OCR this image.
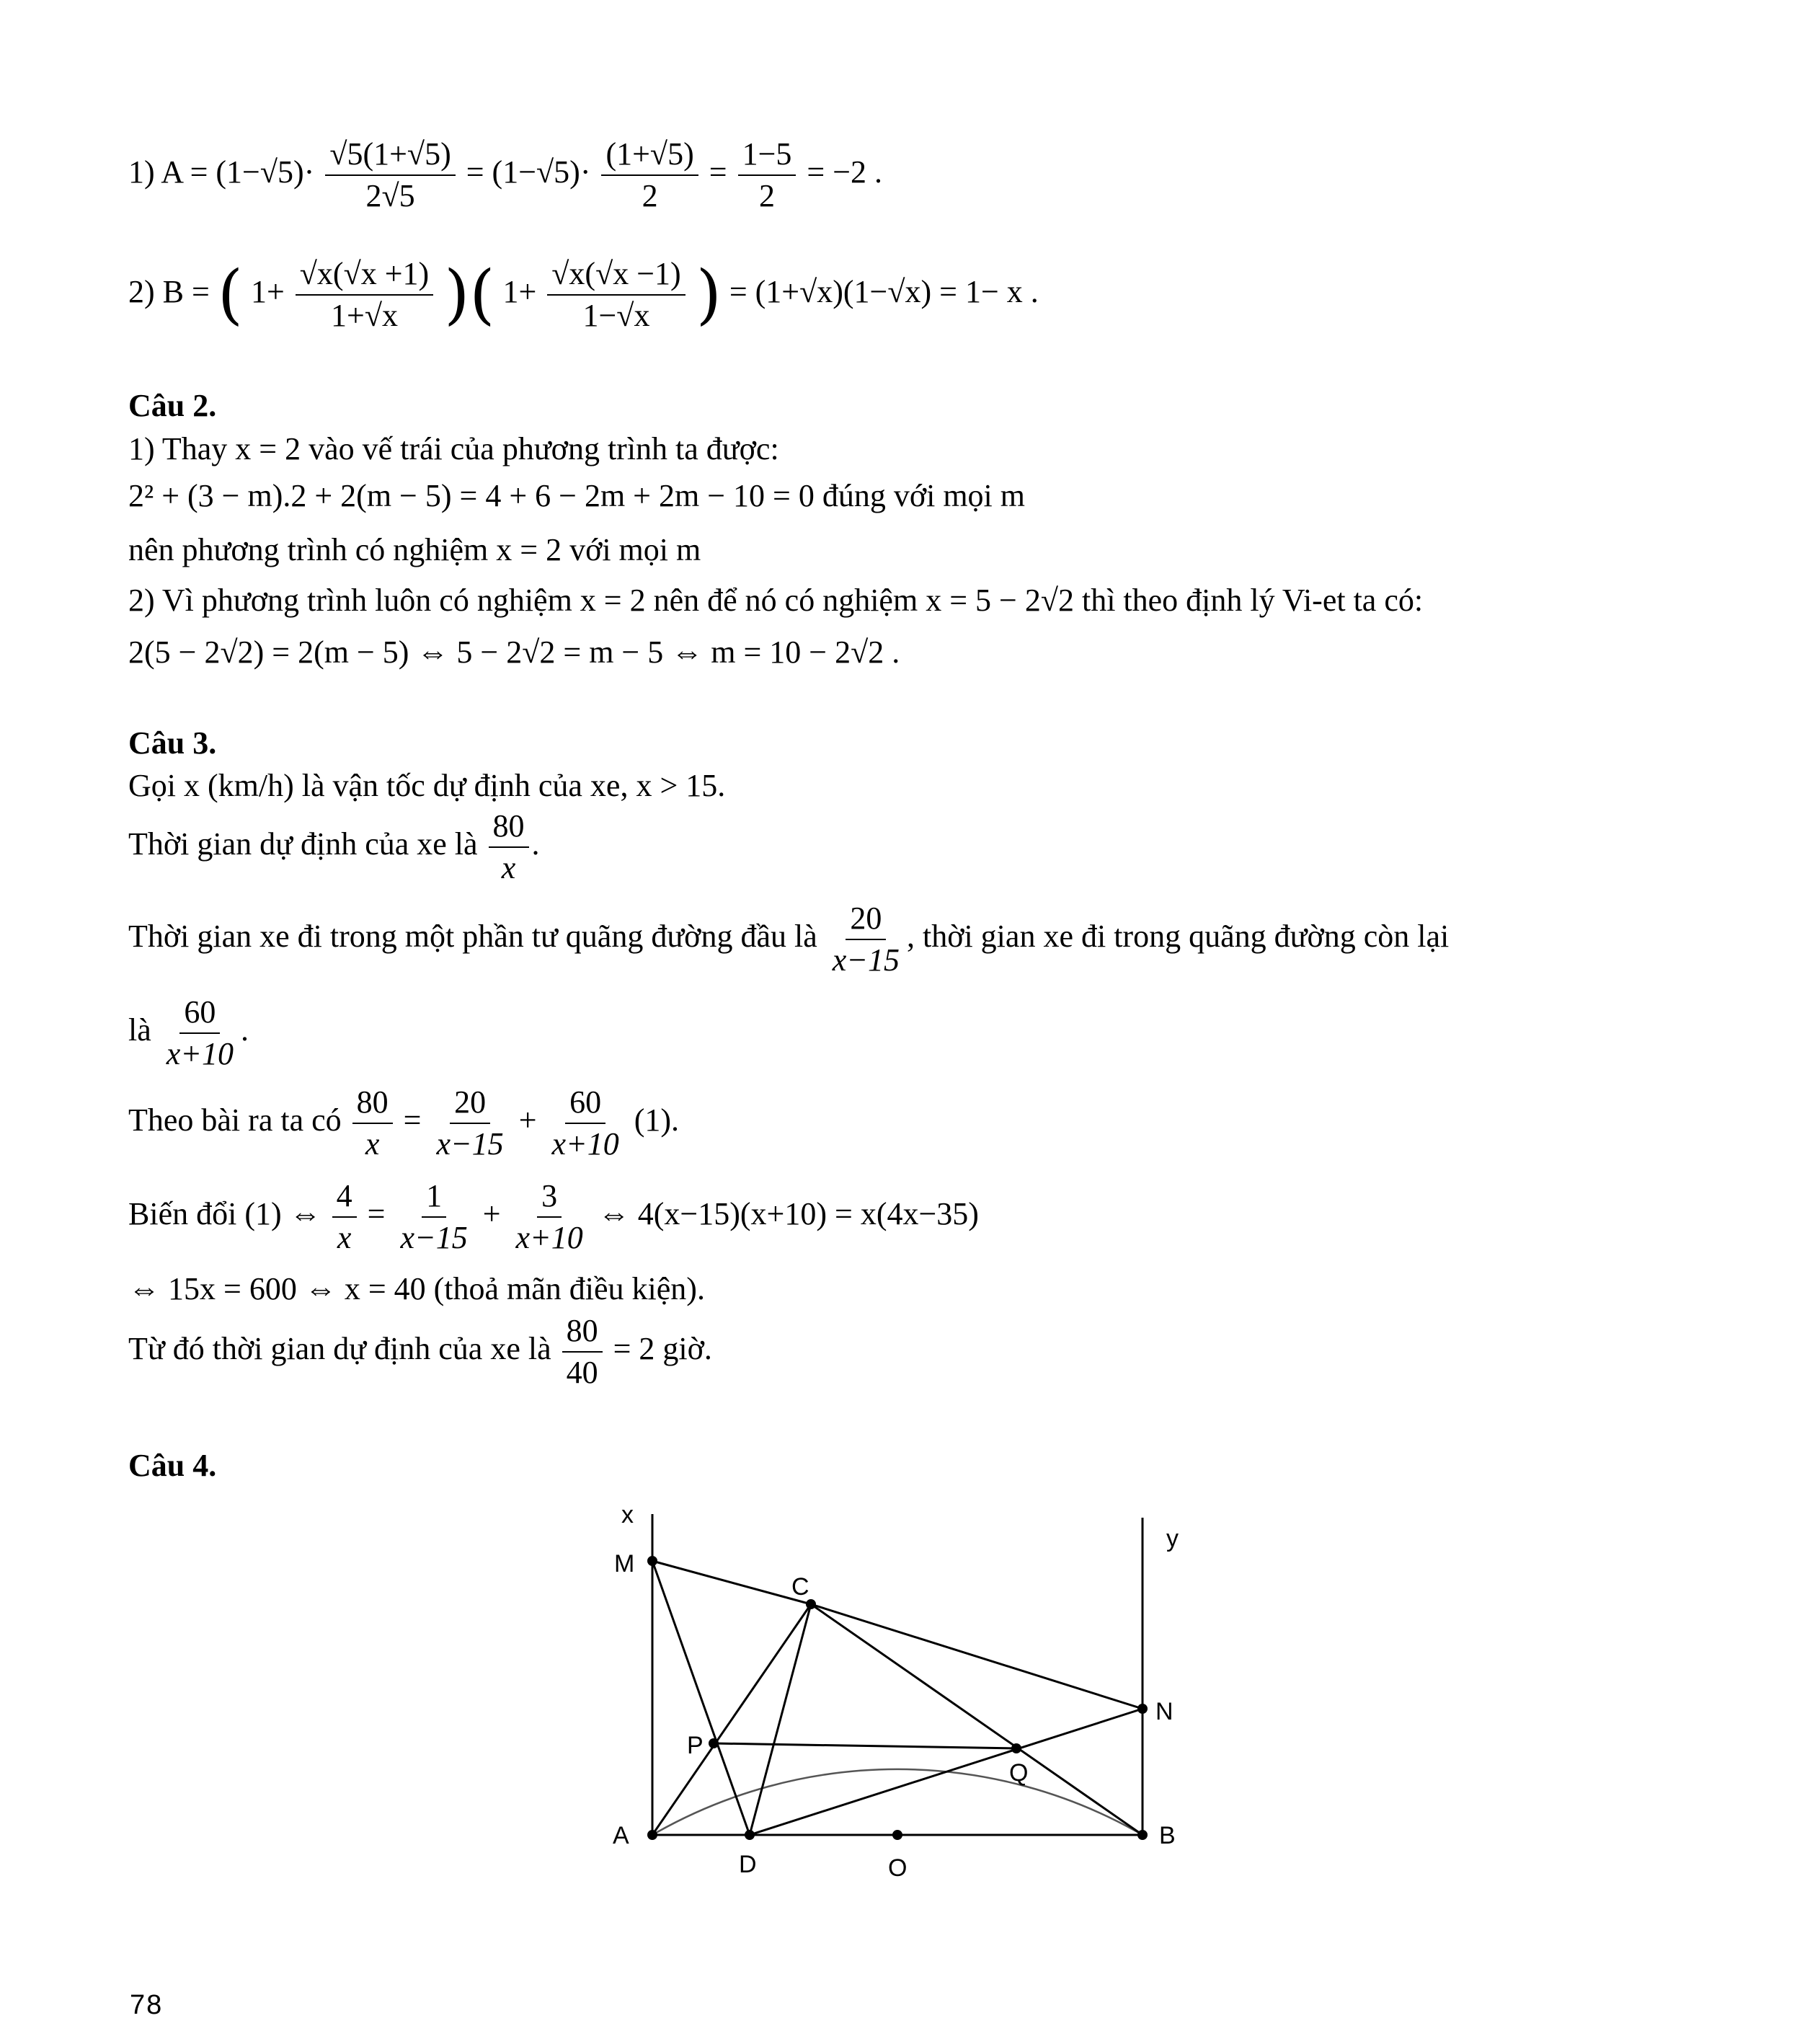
1) $A = (1-√5)\cdot \frac{√5(1+√5)}{2√5} = (1-√5)\cdot \frac{(1+√5)}{2} = \frac{1-5}{2} = -2$ .
2) B = ( $1+ \frac{√x(√x +1)}{1+√x}$ )( $1+ \frac{√x(√x -1)}{1-√x}$ ) = (1+√x)(1−√x) = 1− x .
Câu 2.
1) Thay x = 2 vào vế trái của phương trình ta được:
2² + (3 − m).2 + 2(m − 5) = 4 + 6 − 2m + 2m − 10 = 0 đúng với mọi m
nên phương trình có nghiệm x = 2 với mọi m
2) Vì phương trình luôn có nghiệm x = 2 nên để nó có nghiệm x = 5 − 2√2 thì theo định lý Vi-et ta có:
2(5 − 2√2) = 2(m − 5) ⇔ 5 − 2√2 = m − 5 ⇔ m = 10 − 2√2 .
Câu 3.
Gọi x (km/h) là vận tốc dự định của xe, x > 15.
Thời gian dự định của xe là $\frac{80}{x}$ .
Thời gian xe đi trong một phần tư quãng đường đầu là $\frac{20}{x-15}$ , thời gian xe đi trong quãng đường còn lại
là $\frac{60}{x+10}$ .
Theo bài ra ta có $\frac{80}{x} = \frac{20}{x-15} + \frac{60}{x+10} (1)$.
Biến đổi (1) ⇔ $\frac{4}{x} = \frac{1}{x-15} + \frac{3}{x+10}$ ⇔ 4(x−15)(x+10) = x(4x−35)
⇔ 15x = 600 ⇔ x = 40 (thoả mãn điều kiện).
Từ đó thời gian dự định của xe là $\frac{80}{40} = 2$ giờ.
Câu 4.
x
y
M
C
N
P
Q
A
D	O
B
78
